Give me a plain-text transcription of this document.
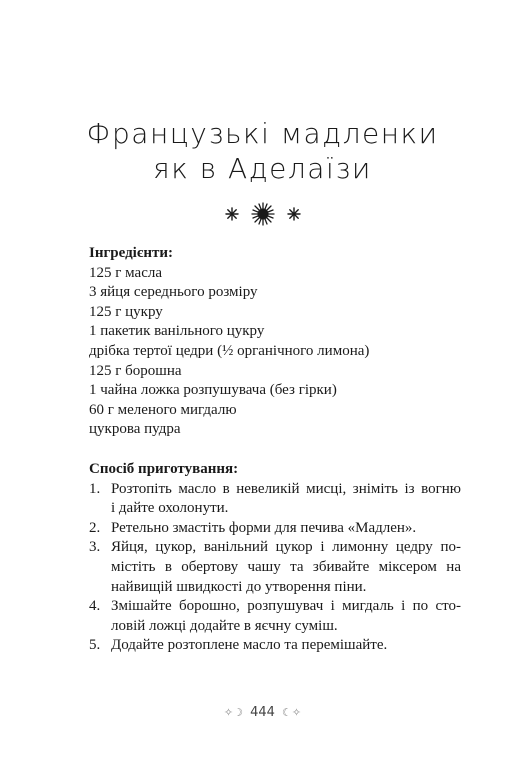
Французькі мадленки
як в Аделаїзи
Інгредієнти:
125 г масла
3 яйця середнього розміру
125 г цукру
1 пакетик ванільного цукру
дрібка тертої цедри (½ органічного лимона)
125 г борошна
1 чайна ложка розпушувача (без гірки)
60 г меленого мигдалю
цукрова пудра
Спосіб приготування:
1. Розтопіть масло в невеликій мисці, зніміть із вогню
і дайте охолонути.
2. Ретельно змастіть форми для печива «Мадлен».
3. Яйця, цукор, ванільний цукор і лимонну цедру по-
містіть в обертову чашу та збивайте міксером на
найвищій швидкості до утворення піни.
4. Змішайте борошно, розпушувач і мигдаль і по сто-
ловій ложці додайте в яєчну суміш.
5. Додайте розтоплене масло та перемішайте.
✧☽ 444 ☾✧
